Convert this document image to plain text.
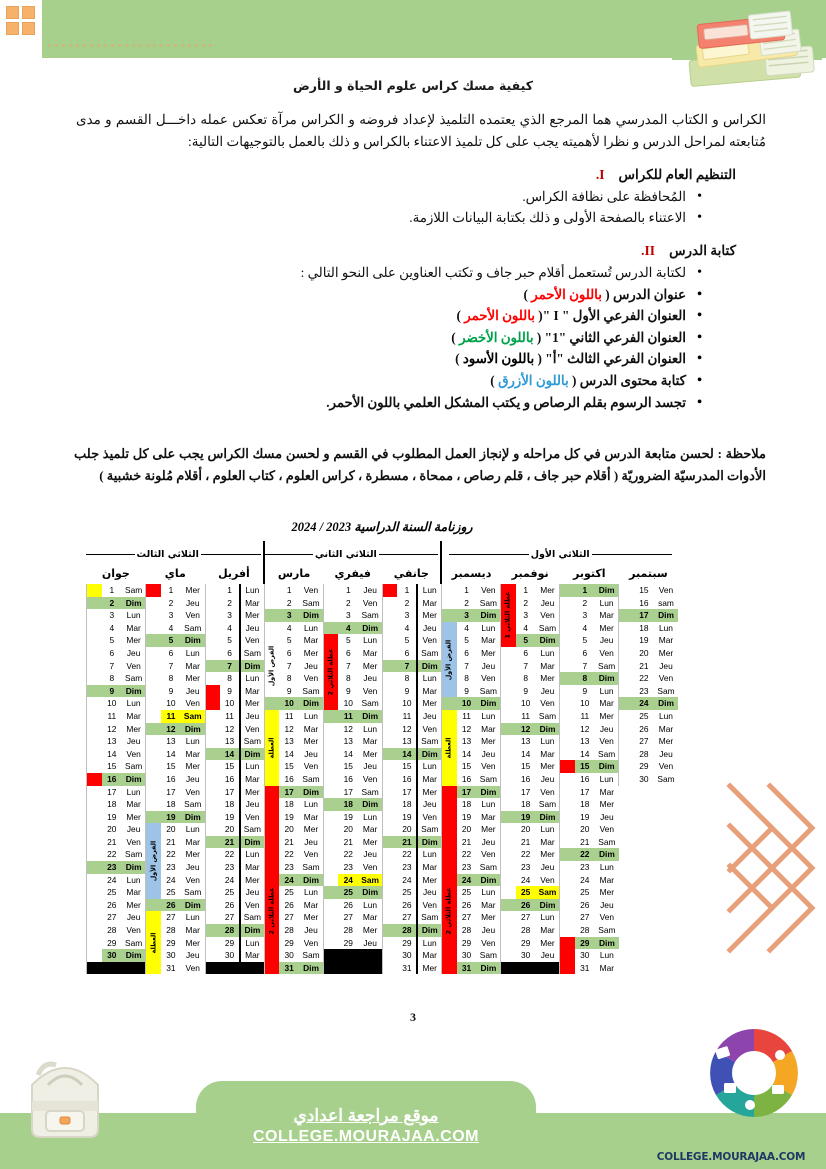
كيفية مسك كراس علوم الحياة و الأرض

الكراس و الكتاب المدرسي هما المرجع الذي يعتمده التلميذ لإعداد فروضه و الكراس مرآة تعكس عمله داخـــل القسم و مدى مُتابعته لمراحل الدرس و نظرا لأهميته يجب على كل تلميذ الاعتناء بالكراس و ذلك بالعمل بالتوجيهات التالية:

I. التنظيم العام للكراس
• المُحافظة على نظافة الكراس.
• الاعتناء بالصفحة الأولى و ذلك بكتابة البيانات اللازمة.
II. كتابة الدرس
• لكتابة الدرس تُستعمل أقلام حبر جاف و تكتب العناوين على النحو التالي :
• عنوان الدرس ( باللون الأحمر )
• العنوان الفرعي الأول " I "( باللون الأحمر )
• العنوان الفرعي الثاني "1" ( باللون الأخضر )
• العنوان الفرعي الثالث "أ" ( باللون الأسود )
• كتابة محتوى الدرس ( باللون الأزرق )
• تجسد الرسوم بقلم الرصاص و يكتب المشكل العلمي باللون الأحمر.

ملاحظة : لحسن متابعة الدرس في كل مراحله و لإنجاز العمل المطلوب في القسم و لحسن مسك الكراس يجب على كل تلميذ جلب الأدوات المدرسيّة الضروريّة ( أقلام حبر جاف ، قلم رصاص ، ممحاة ، مسطرة ، كراس العلوم ، كتاب العلوم ، أقلام مُلونة خشبية )

روزنامة السنة الدراسية 2023 / 2024									

الثلاثي الأول				الثلاثي الثاني			الثلاثي الثالث		

سبتمبر	اكتوبر	نوفمبر	ديسمبر	جانفي	فيفري	مارس	أفريل	ماي	جوان
Ven	15		Dim	1		Mer	1	عطلة الثلاثي 1	Ven	1		Lun	1		Jeu	1		Ven	1		Lun	1		Mer	1		Sam	1	
sam	16		Lun	2		Jeu	2		Sam	2		Mar	2		Ven	2		Sam	2		Mar	2		Jeu	2		Dim	2	
Dim	17		Mar	3		Ven	3		Dim	3		Mer	3		Sam	3		Dim	3		Mer	3		Ven	3		Lun	3	
Lun	18		Mer	4		Sam	4		Lun	4	الفرض الأول	Jeu	4		Dim	4		Lun	4		Jeu	4		Sam	4		Mar	4	
Mar	19		Jeu	5		Dim	5		Mar	5		Ven	5		Lun	5	عطلة الثلاثي 2	Mar	5	الفرض الأول	Ven	5		Dim	5		Mer	5	
Mer	20		Ven	6		Lun	6		Mer	6		Sam	6		Mar	6		Mer	6		Sam	6		Lun	6		Jeu	6	
Jeu	21		Sam	7		Mar	7		Jeu	7		Dim	7		Mer	7		Jeu	7		Dim	7		Mar	7		Ven	7	
Ven	22		Dim	8		Mer	8		Ven	8		Lun	8		Jeu	8		Ven	8		Lun	8		Mer	8		Sam	8	
Sam	23		Lun	9		Jeu	9		Sam	9		Mar	9		Ven	9		Sam	9		Mar	9		Jeu	9		Dim	9	
Dim	24		Mar	10		Ven	10		Dim	10		Mer	10		Sam	10		Dim	10		Mer	10		Ven	10		Lun	10	
Lun	25		Mer	11		Sam	11		Lun	11	العطلة	Jeu	11		Dim	11		Lun	11	العطلة	Jeu	11		Sam	11		Mar	11	
Mar	26		Jeu	12		Dim	12		Mar	12		Ven	12		Lun	12		Mar	12		Ven	12		Dim	12		Mer	12	
Mer	27		Ven	13		Lun	13		Mer	13		Sam	13		Mar	13		Mer	13		Sam	13		Lun	13		Jeu	13	
Jeu	28		Sam	14		Mar	14		Jeu	14		Dim	14		Mer	14		Jeu	14		Dim	14		Mar	14		Ven	14	
Ven	29		Dim	15		Mer	15		Ven	15		Lun	15		Jeu	15		Ven	15		Lun	15		Mer	15		Sam	15	
Sam	30		Lun	16		Jeu	16		Sam	16		Mar	16		Ven	16		Sam	16		Mar	16		Jeu	16		Dim	16	
			Mar	17		Ven	17		Dim	17		Mer	17		Sam	17		Dim	17		Mer	17		Ven	17		Lun	17	
			Mer	18		Sam	18		Lun	18		Jeu	18		Dim	18		Lun	18		Jeu	18		Sam	18		Mar	18	
			Jeu	19		Dim	19		Mar	19		Ven	19		Lun	19		Mar	19		Ven	19		Dim	19		Mer	19	
			Ven	20		Lun	20		Mer	20		Sam	20		Mar	20		Mer	20		Sam	20		Lun	20	الفرض الأول	Jeu	20	
			Sam	21		Mar	21		Jeu	21		Dim	21		Mer	21		Jeu	21		Dim	21		Mar	21		Ven	21	
			Dim	22		Mer	22		Ven	22	عطلة الثلاثي 2	Lun	22		Jeu	22		Ven	22	عطلة الثلاثي 2	Lun	22		Mer	22		Sam	22	
			Lun	23		Jeu	23		Sam	23		Mar	23		Ven	23		Sam	23		Mar	23		Jeu	23		Dim	23	
			Mar	24		Ven	24		Dim	24		Mer	24		Sam	24		Dim	24		Mer	24		Ven	24		Lun	24	
			Mer	25		Sam	25		Lun	25		Jeu	25		Dim	25		Lun	25		Jeu	25		Sam	25		Mar	25	
			Jeu	26		Dim	26		Mar	26		Ven	26		Lun	26		Mar	26		Ven	26		Dim	26		Mer	26	
			Ven	27		Lun	27		Mer	27		Sam	27		Mar	27		Mer	27		Sam	27		Lun	27	العطلة	Jeu	27	
			Sam	28		Mar	28		Jeu	28		Dim	28		Mer	28		Jeu	28		Dim	28		Mar	28		Ven	28	
			Dim	29		Mer	29		Ven	29		Lun	29		Jeu	29		Ven	29		Lun	29		Mer	29		Sam	29	
			Lun	30		Jeu	30		Sam	30		Mar	30					Sam	30		Mar	30		Jeu	30		Dim	30	
			Mar	31					Dim	31		Mer	31					Dim	31					Ven	31				
3
موقع مراجعة اعدادي
COLLEGE.MOURAJAA.COM
COLLEGE.MOURAJAA.COM
